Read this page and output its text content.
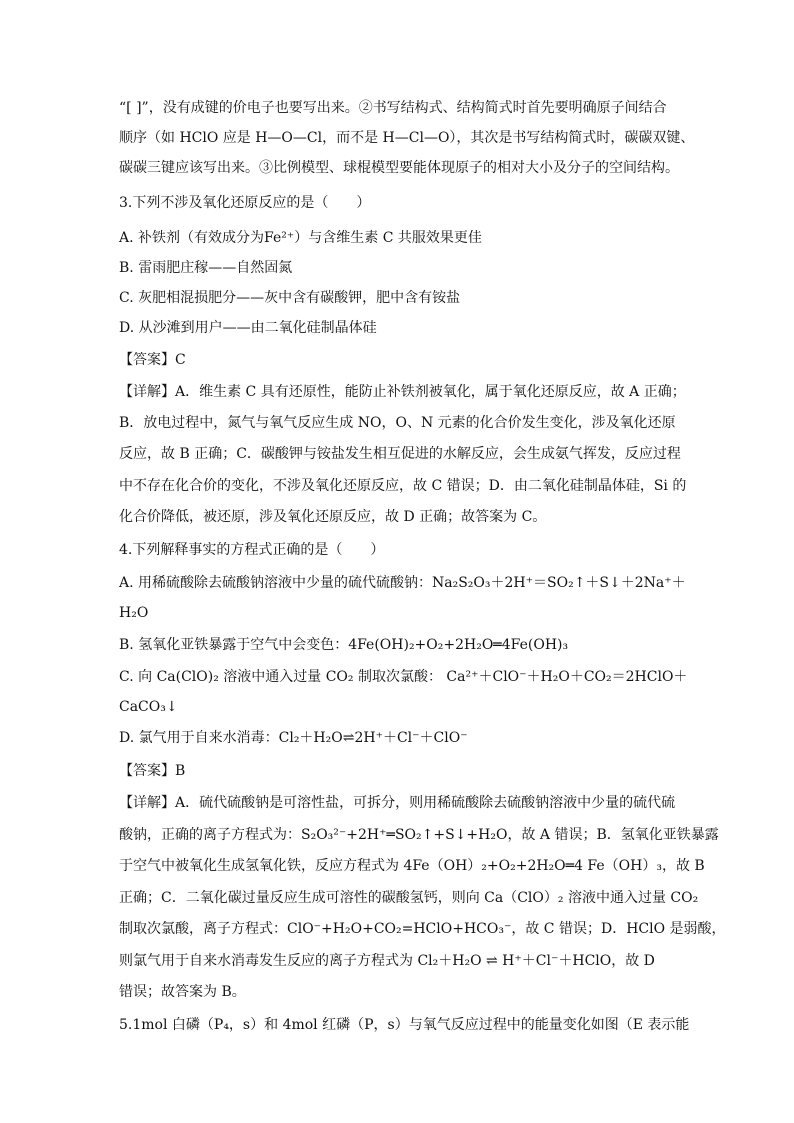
“[ ]”，没有成键的价电子也要写出来。②书写结构式、结构简式时首先要明确原子间结合
顺序（如 HClO 应是 H—O—Cl，而不是 H—Cl—O），其次是书写结构简式时，碳碳双键、
碳碳三键应该写出来。③比例模型、球棍模型要能体现原子的相对大小及分子的空间结构。
3.下列不涉及氧化还原反应的是（　　）
A. 补铁剂（有效成分为Fe²⁺）与含维生素 C 共服效果更佳
B. 雷雨肥庄稼——自然固氮
C. 灰肥相混损肥分——灰中含有碳酸钾，肥中含有铵盐
D. 从沙滩到用户——由二氧化硅制晶体硅
【答案】C
【详解】A．维生素 C 具有还原性，能防止补铁剂被氧化，属于氧化还原反应，故 A 正确；
B．放电过程中，氮气与氧气反应生成 NO，O、N 元素的化合价发生变化，涉及氧化还原
反应，故 B 正确；C．碳酸钾与铵盐发生相互促进的水解反应，会生成氨气挥发，反应过程
中不存在化合价的变化，不涉及氧化还原反应，故 C 错误；D．由二氧化硅制晶体硅，Si 的
化合价降低，被还原，涉及氧化还原反应，故 D 正确；故答案为 C。
4.下列解释事实的方程式正确的是（　　）
A. 用稀硫酸除去硫酸钠溶液中少量的硫代硫酸钠：Na₂S₂O₃＋2H⁺＝SO₂↑＋S↓＋2Na⁺＋
H₂O
B. 氢氧化亚铁暴露于空气中会变色：4Fe(OH)₂+O₂+2H₂O═4Fe(OH)₃
C. 向 Ca(ClO)₂ 溶液中通入过量 CO₂ 制取次氯酸： Ca²⁺＋ClO⁻＋H₂O＋CO₂＝2HClO＋
CaCO₃↓
D. 氯气用于自来水消毒：Cl₂＋H₂O⇌2H⁺＋Cl⁻＋ClO⁻
【答案】B
【详解】A．硫代硫酸钠是可溶性盐，可拆分，则用稀硫酸除去硫酸钠溶液中少量的硫代硫
酸钠，正确的离子方程式为：S₂O₃²⁻+2H⁺═SO₂↑+S↓+H₂O，故 A 错误；B．氢氧化亚铁暴露
于空气中被氧化生成氢氧化铁，反应方程式为 4Fe（OH）₂+O₂+2H₂O═4 Fe（OH）₃，故 B
正确；C．二氧化碳过量反应生成可溶性的碳酸氢钙，则向 Ca（ClO）₂ 溶液中通入过量 CO₂
制取次氯酸，离子方程式：ClO⁻+H₂O+CO₂=HClO+HCO₃⁻，故 C 错误；D．HClO 是弱酸，
则氯气用于自来水消毒发生反应的离子方程式为 Cl₂＋H₂O ⇌ H⁺＋Cl⁻＋HClO，故 D
错误；故答案为 B。
5.1mol 白磷（P₄，s）和 4mol 红磷（P，s）与氧气反应过程中的能量变化如图（E 表示能
